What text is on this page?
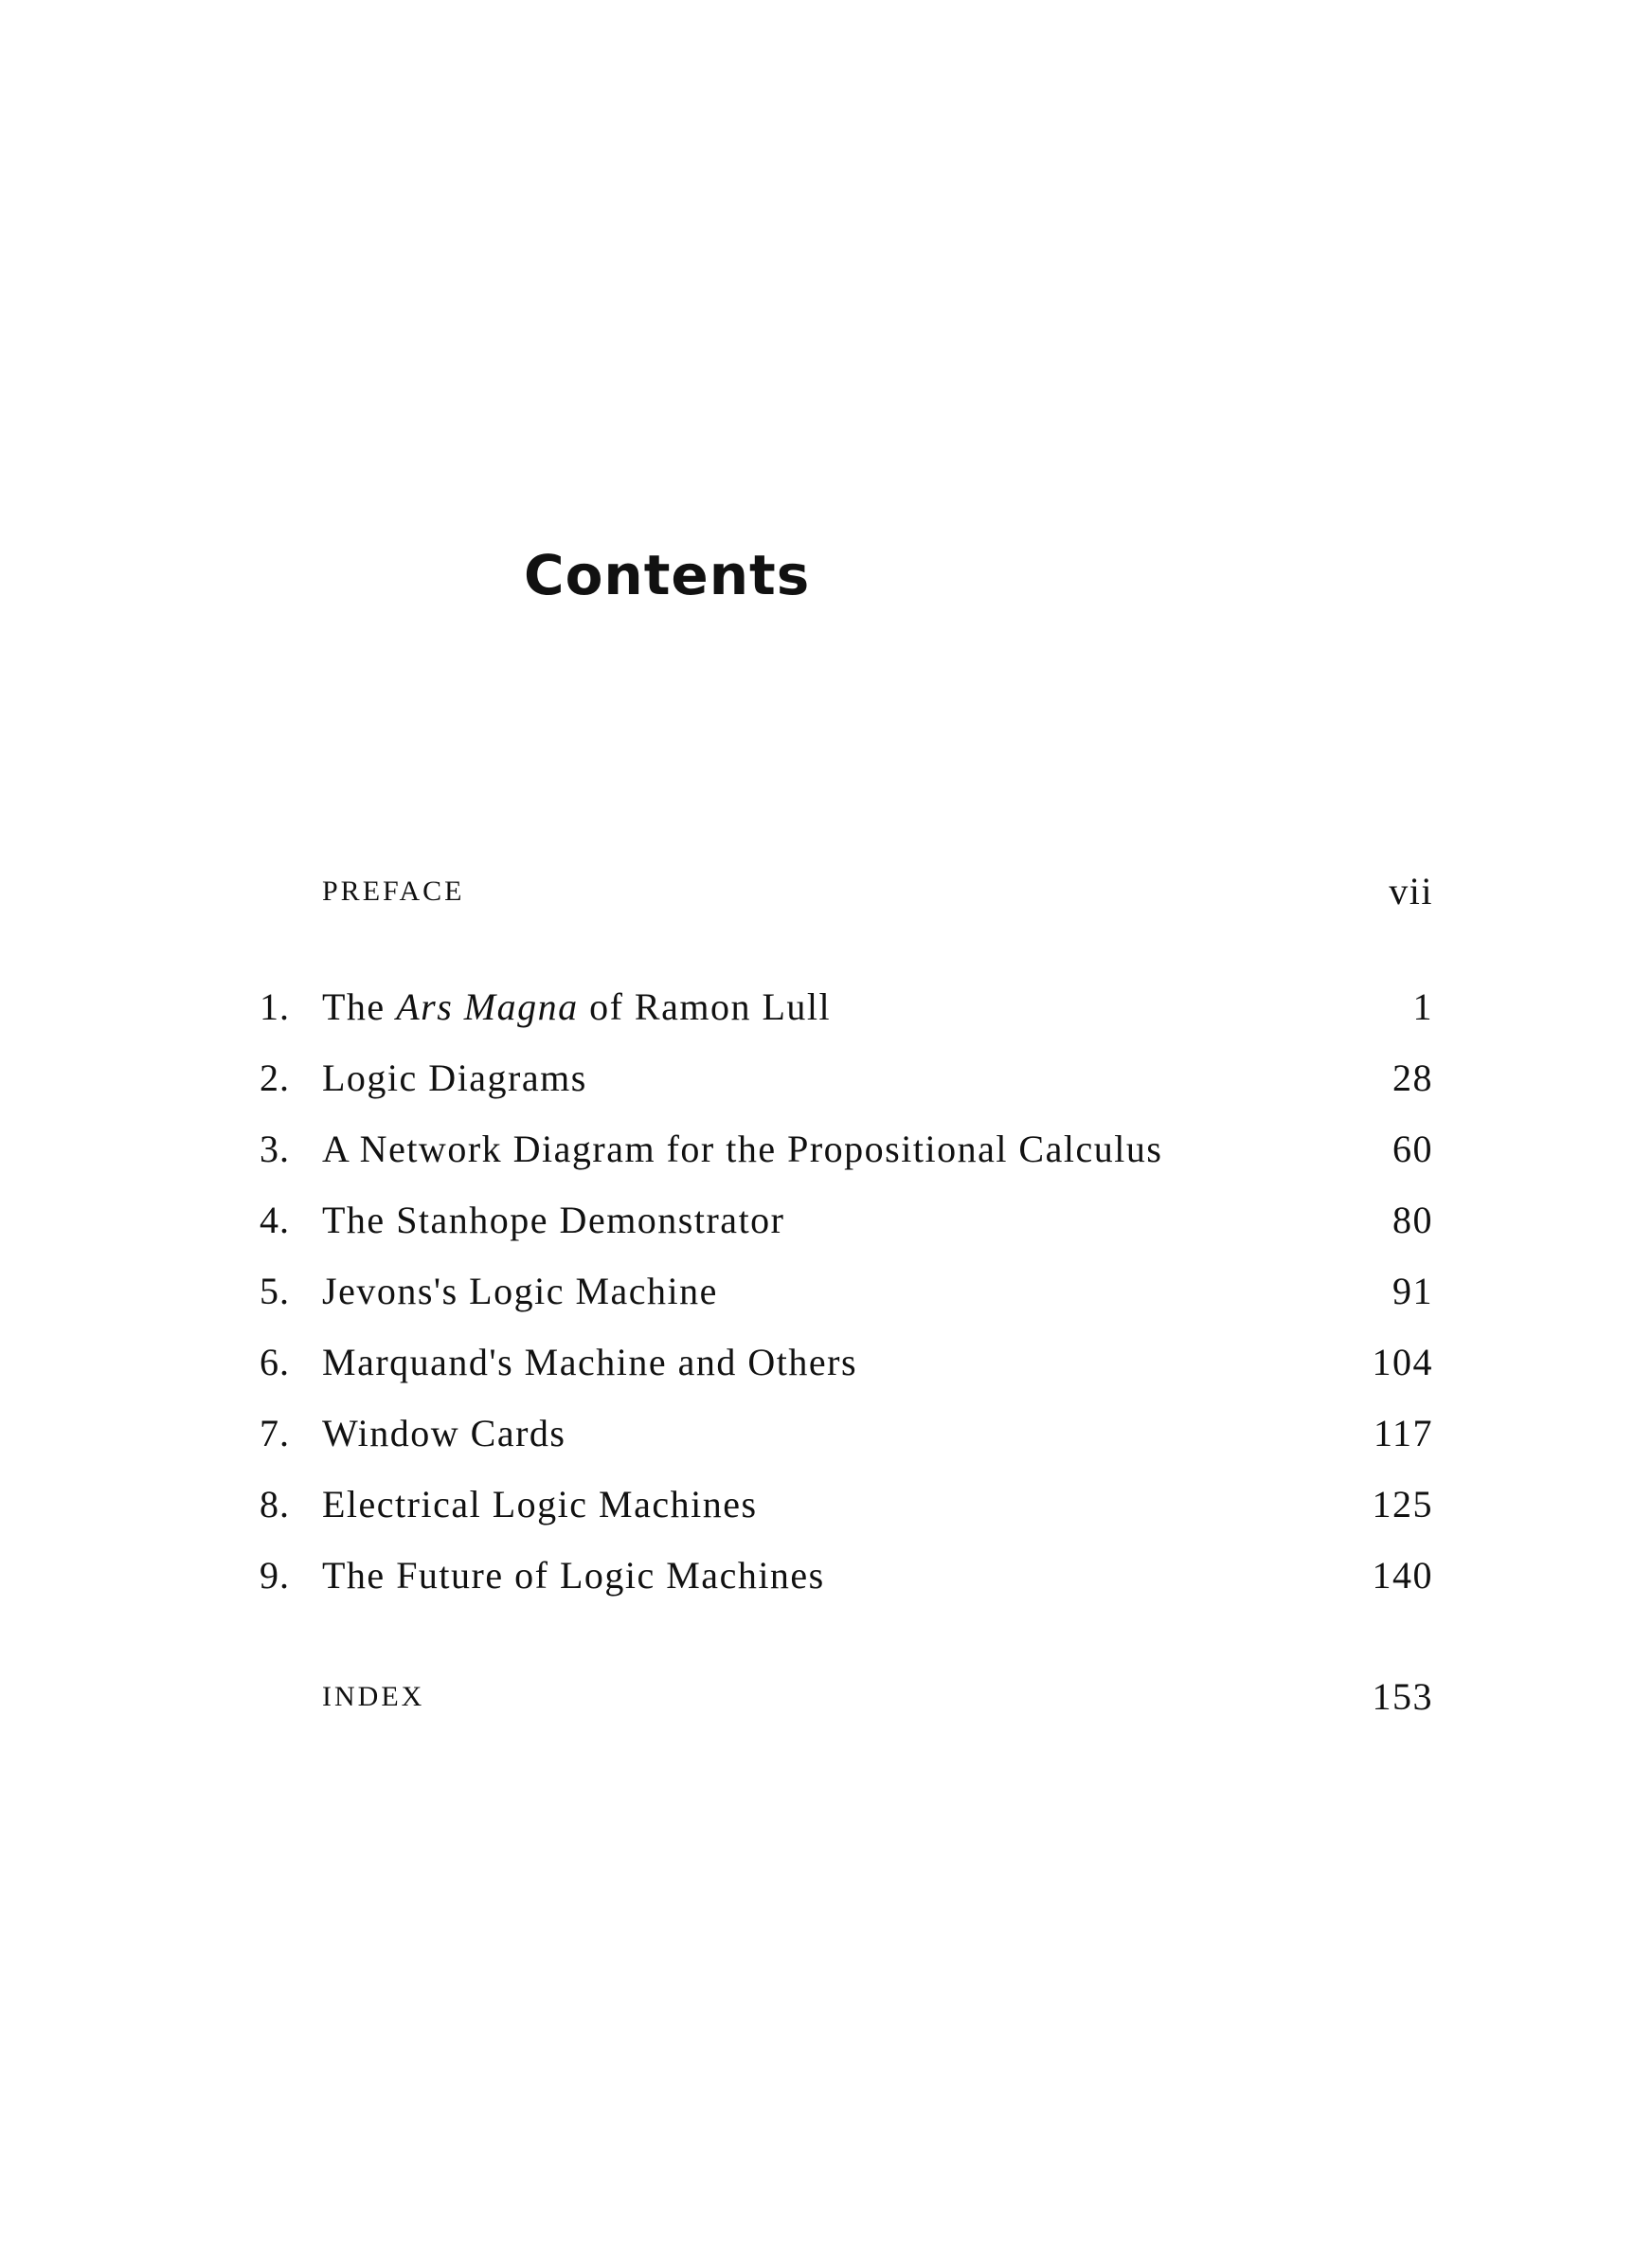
Contents
PREFACE	vii
1. The Ars Magna of Ramon Lull	1
2. Logic Diagrams	28
3. A Network Diagram for the Propositional Calculus	60
4. The Stanhope Demonstrator	80
5. Jevons's Logic Machine	91
6. Marquand's Machine and Others	104
7. Window Cards	117
8. Electrical Logic Machines	125
9. The Future of Logic Machines	140
INDEX	153
